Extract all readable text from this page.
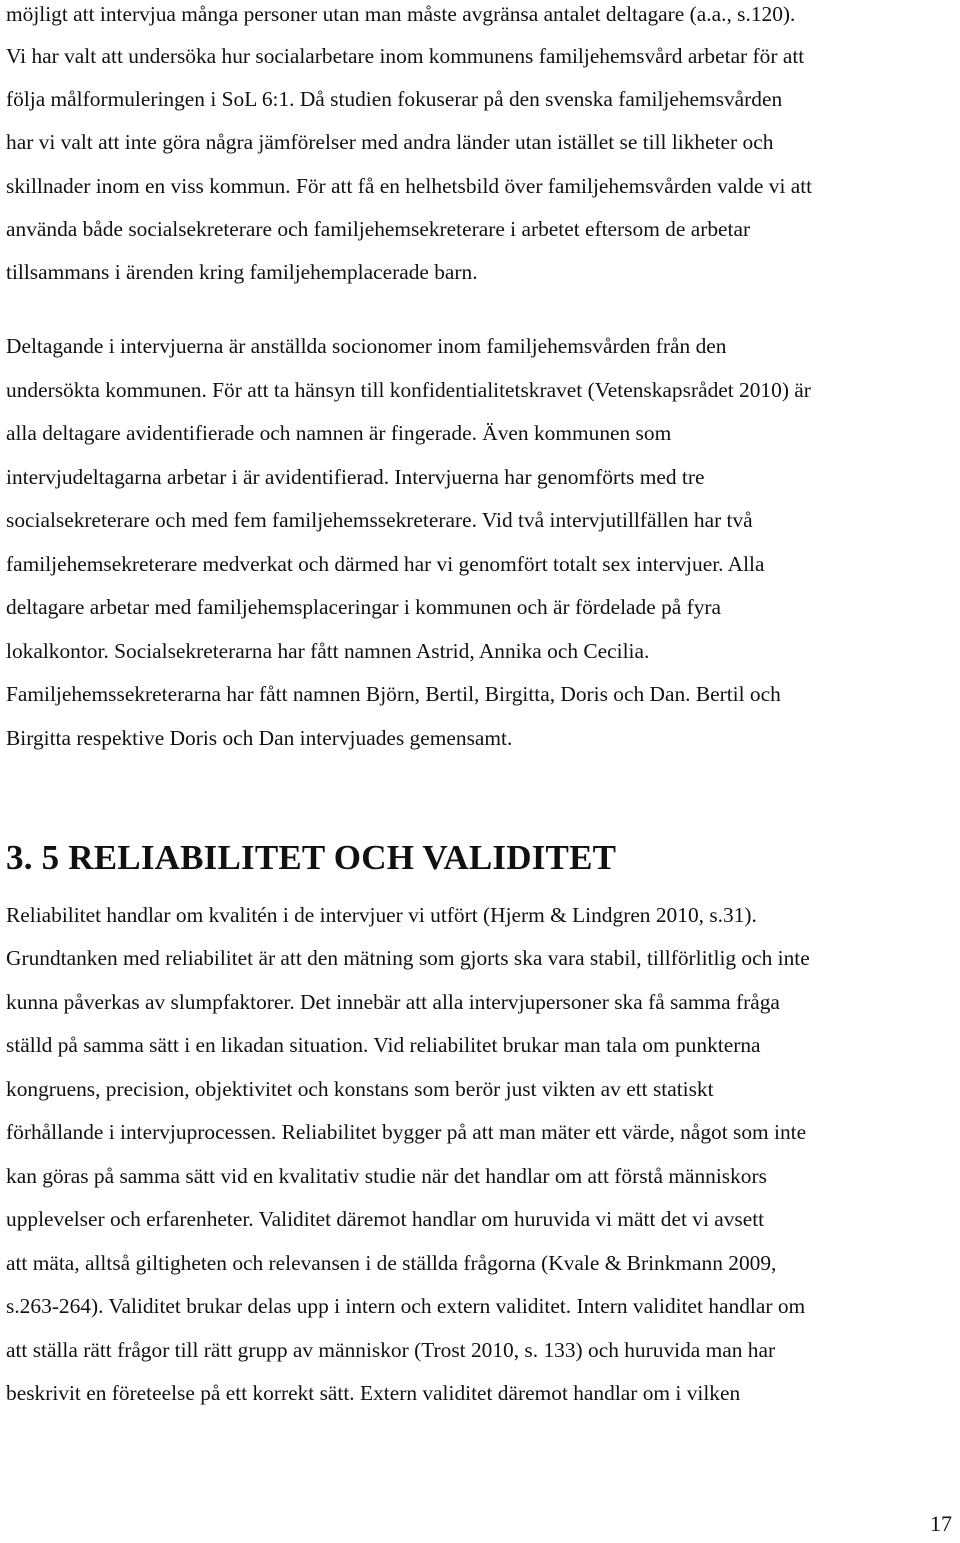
möjligt att intervjua många personer utan man måste avgränsa antalet deltagare (a.a., s.120).
Vi har valt att undersöka hur socialarbetare inom kommunens familjehemsvård arbetar för att
följa målformuleringen i SoL 6:1. Då studien fokuserar på den svenska familjehemsvården
har vi valt att inte göra några jämförelser med andra länder utan istället se till likheter och
skillnader inom en viss kommun. För att få en helhetsbild över familjehemsvården valde vi att
använda både socialsekreterare och familjehemsekreterare i arbetet eftersom de arbetar
tillsammans i ärenden kring familjehemplacerade barn.
Deltagande i intervjuerna är anställda socionomer inom familjehemsvården från den
undersökta kommunen. För att ta hänsyn till konfidentialitetskravet (Vetenskapsrådet 2010) är
alla deltagare avidentifierade och namnen är fingerade. Även kommunen som
intervjudeltagarna arbetar i är avidentifierad. Intervjuerna har genomförts med tre
socialsekreterare och med fem familjehemssekreterare. Vid två intervjutillfällen har två
familjehemsekreterare medverkat och därmed har vi genomfört totalt sex intervjuer. Alla
deltagare arbetar med familjehemsplaceringar i kommunen och är fördelade på fyra
lokalkontor. Socialsekreterarna har fått namnen Astrid, Annika och Cecilia.
Familjehemssekreterarna har fått namnen Björn, Bertil, Birgitta, Doris och Dan. Bertil och
Birgitta respektive Doris och Dan intervjuades gemensamt.
3. 5 RELIABILITET OCH VALIDITET
Reliabilitet handlar om kvalitén i de intervjuer vi utfört (Hjerm & Lindgren 2010, s.31).
Grundtanken med reliabilitet är att den mätning som gjorts ska vara stabil, tillförlitlig och inte
kunna påverkas av slumpfaktorer. Det innebär att alla intervjupersoner ska få samma fråga
ställd på samma sätt i en likadan situation. Vid reliabilitet brukar man tala om punkterna
kongruens, precision, objektivitet och konstans som berör just vikten av ett statiskt
förhållande i intervjuprocessen. Reliabilitet bygger på att man mäter ett värde, något som inte
kan göras på samma sätt vid en kvalitativ studie när det handlar om att förstå människors
upplevelser och erfarenheter. Validitet däremot handlar om huruvida vi mätt det vi avsett
att mäta, alltså giltigheten och relevansen i de ställda frågorna (Kvale & Brinkmann 2009,
s.263-264). Validitet brukar delas upp i intern och extern validitet. Intern validitet handlar om
att ställa rätt frågor till rätt grupp av människor (Trost 2010, s. 133) och huruvida man har
beskrivit en företeelse på ett korrekt sätt. Extern validitet däremot handlar om i vilken
17
